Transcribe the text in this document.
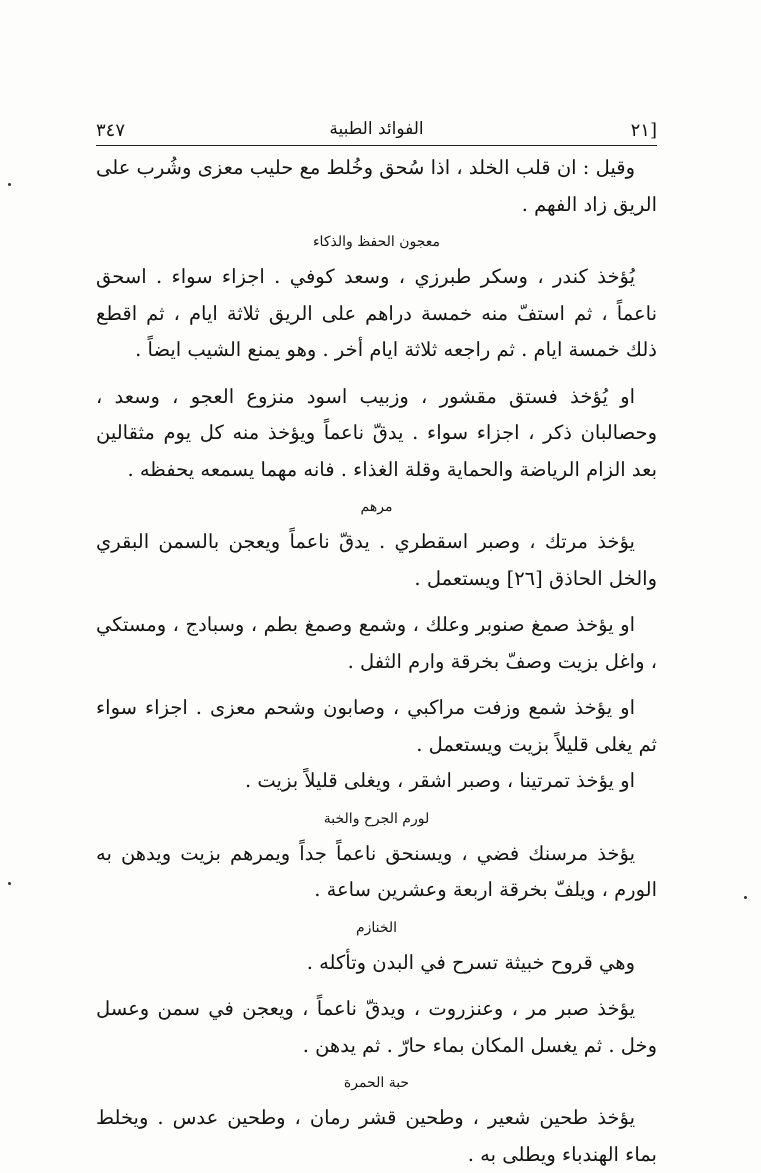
[٢١
الفوائد الطبية
٣٤٧

وقيل : ان قلب الخلد ، اذا سُحق وخُلط مع حليب معزى وشُرب على الريق زاد الفهم .

معجون الحفظ والذكاء

يُؤخذ كندر ، وسكر طبرزي ، وسعد كوفي . اجزاء سواء . اسحق ناعماً ، ثم استفّ منه خمسة دراهم على الريق ثلاثة ايام ، ثم اقطع ذلك خمسة ايام . ثم راجعه ثلاثة ايام أخر . وهو يمنع الشيب ايضاً .

او يُؤخذ فستق مقشور ، وزبيب اسود منزوع العجو ، وسعد ، وحصالبان ذكر ، اجزاء سواء . يدقّ ناعماً ويؤخذ منه كل يوم مثقالين بعد الزام الرياضة والحماية وقلة الغذاء . فانه مهما يسمعه يحفظه .

مرهم

يؤخذ مرتك ، وصبر اسقطري . يدقّ ناعماً ويعجن بالسمن البقري والخل الحاذق [٢٦] ويستعمل .

او يؤخذ صمغ صنوبر وعلك ، وشمع وصمغ بطم ، وسبادج ، ومستكي ، واغل بزيت وصفّ بخرقة وارم الثفل .

او يؤخذ شمع وزفت مراكبي ، وصابون وشحم معزى . اجزاء سواء ثم يغلى قليلاً بزيت ويستعمل .

او يؤخذ تمرتينا ، وصبر اشقر ، ويغلى قليلاً بزيت .

لورم الجرح والخبة

يؤخذ مرسنك فضي ، ويسنحق ناعماً جداً ويمرهم بزيت ويدهن به الورم ، ويلفّ بخرقة اربعة وعشرين ساعة .

الخنازم

وهي قروح خبيثة تسرح في البدن وتأكله .

يؤخذ صبر مر ، وعنزروت ، ويدقّ ناعماً ، ويعجن في سمن وعسل وخل . ثم يغسل المكان بماء حارّ . ثم يدهن .

حبة الحمرة

يؤخذ طحين شعير ، وطحين قشر رمان ، وطحين عدس . ويخلط بماء الهندباء ويطلى به .
